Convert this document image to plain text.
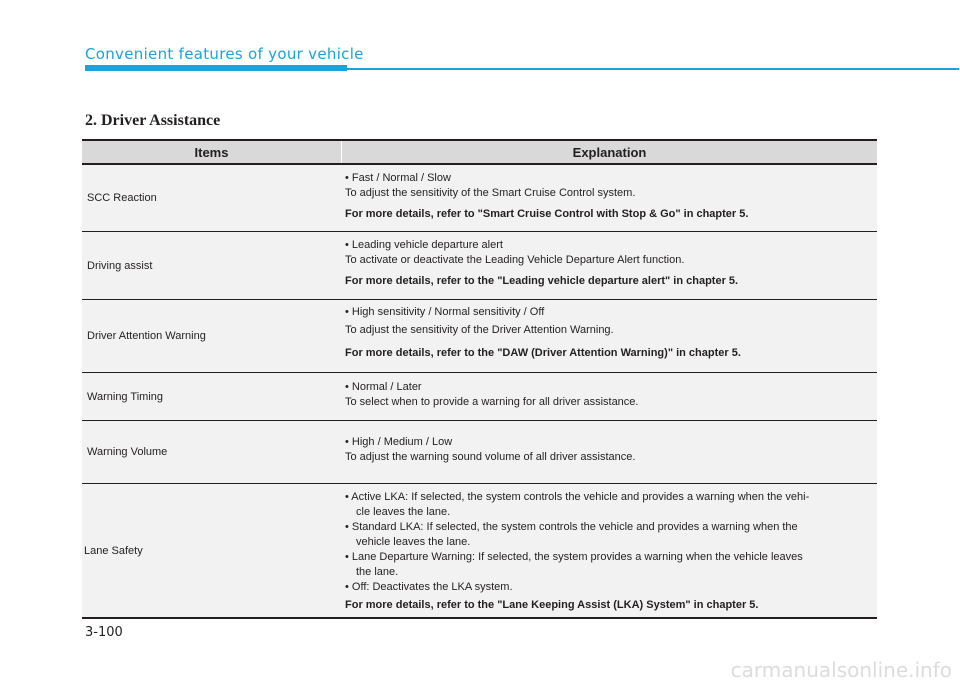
Convenient features of your vehicle
2. Driver Assistance
Items	Explanation
SCC Reaction
• Fast / Normal / Slow
To adjust the sensitivity of the Smart Cruise Control system.
For more details, refer to "Smart Cruise Control with Stop & Go" in chapter 5.
Driving assist
• Leading vehicle departure alert
To activate or deactivate the Leading Vehicle Departure Alert function.
For more details, refer to the "Leading vehicle departure alert" in chapter 5.
Driver Attention Warning
• High sensitivity / Normal sensitivity / Off
To adjust the sensitivity of the Driver Attention Warning.
For more details, refer to the "DAW (Driver Attention Warning)" in chapter 5.
Warning Timing
• Normal / Later
To select when to provide a warning for all driver assistance.
Warning Volume
• High / Medium / Low
To adjust the warning sound volume of all driver assistance.
Lane Safety
• Active LKA: If selected, the system controls the vehicle and provides a warning when the vehi-
cle leaves the lane.
• Standard LKA: If selected, the system controls the vehicle and provides a warning when the
vehicle leaves the lane.
• Lane Departure Warning: If selected, the system provides a warning when the vehicle leaves
the lane.
• Off: Deactivates the LKA system.
For more details, refer to the "Lane Keeping Assist (LKA) System" in chapter 5.
3-100
carmanualsonline.info
